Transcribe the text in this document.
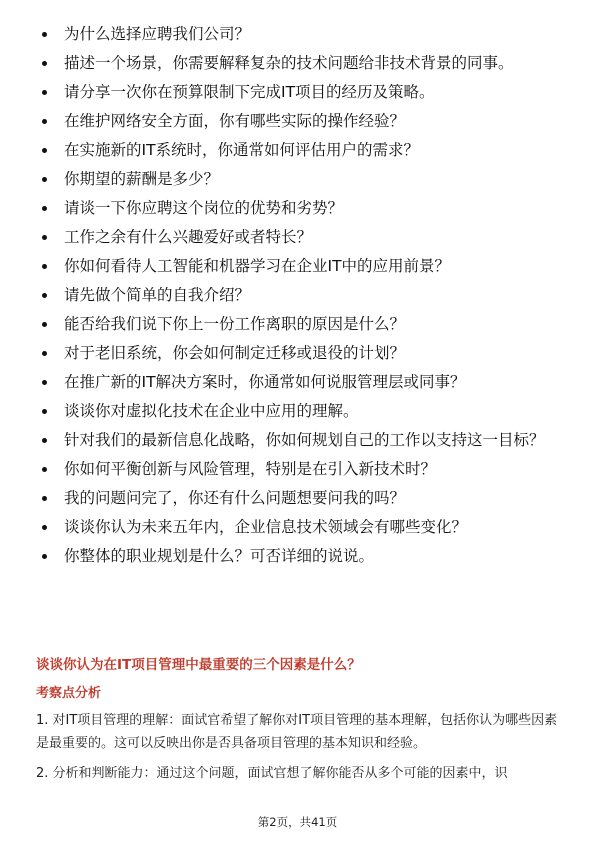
为什么选择应聘我们公司？
描述一个场景，你需要解释复杂的技术问题给非技术背景的同事。
请分享一次你在预算限制下完成IT项目的经历及策略。
在维护网络安全方面，你有哪些实际的操作经验？
在实施新的IT系统时，你通常如何评估用户的需求？
你期望的薪酬是多少？
请谈一下你应聘这个岗位的优势和劣势？
工作之余有什么兴趣爱好或者特长？
你如何看待人工智能和机器学习在企业IT中的应用前景？
请先做个简单的自我介绍？
能否给我们说下你上一份工作离职的原因是什么？
对于老旧系统，你会如何制定迁移或退役的计划？
在推广新的IT解决方案时，你通常如何说服管理层或同事？
谈谈你对虚拟化技术在企业中应用的理解。
针对我们的最新信息化战略，你如何规划自己的工作以支持这一目标？
你如何平衡创新与风险管理，特别是在引入新技术时？
我的问题问完了，你还有什么问题想要问我的吗？
谈谈你认为未来五年内，企业信息技术领域会有哪些变化？
你整体的职业规划是什么？可否详细的说说。
谈谈你认为在IT项目管理中最重要的三个因素是什么？
考察点分析

1. 对IT项目管理的理解：面试官希望了解你对IT项目管理的基本理解，包括你认为哪些因素是最重要的。这可以反映出你是否具备项目管理的基本知识和经验。

2. 分析和判断能力：通过这个问题，面试官想了解你能否从多个可能的因素中，识

第2页，共41页
